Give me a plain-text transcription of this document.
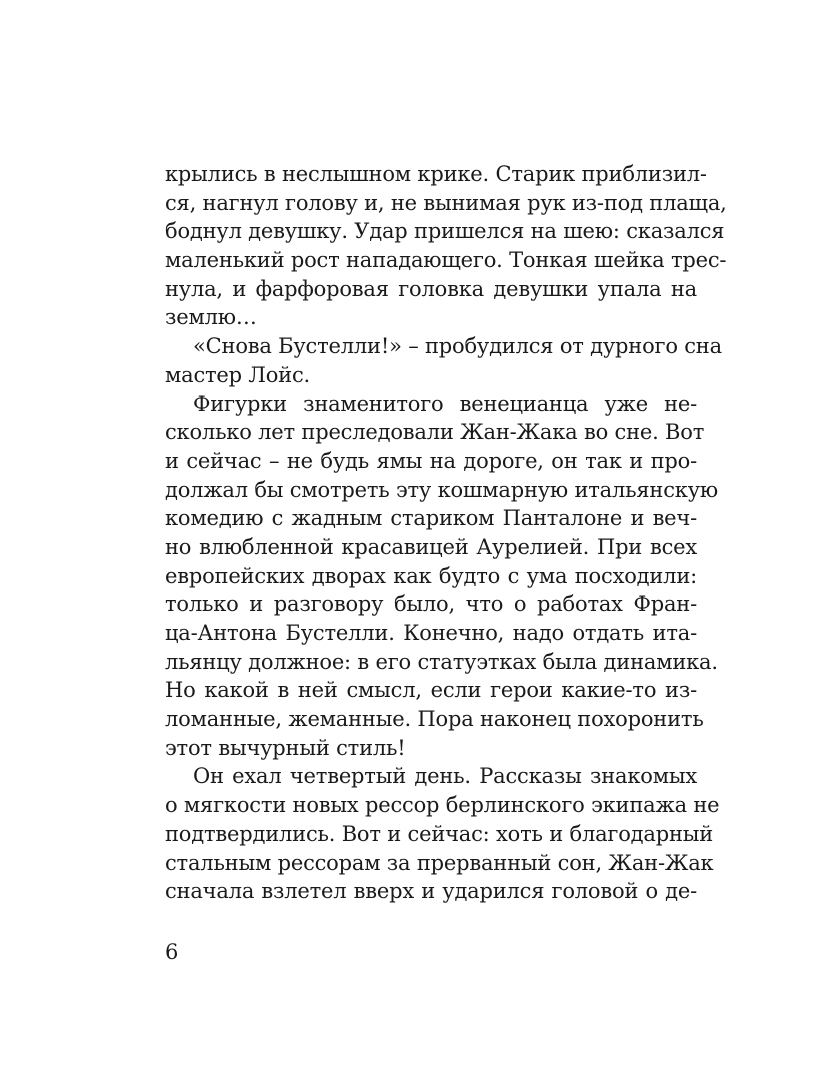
крылись в неслышном крике. Старик приблизил-
ся, нагнул голову и, не вынимая рук из-под плаща,
боднул девушку. Удар пришелся на шею: сказался
маленький рост нападающего. Тонкая шейка трес-
нула, и фарфоровая головка девушки упала на
землю…
«Снова Бустелли!» – пробудился от дурного сна
мастер Лойс.
Фигурки знаменитого венецианца уже не-
сколько лет преследовали Жан-Жака во сне. Вот
и сейчас – не будь ямы на дороге, он так и про-
должал бы смотреть эту кошмарную итальянскую
комедию с жадным стариком Панталоне и веч-
но влюбленной красавицей Аурелией. При всех
европейских дворах как будто с ума посходили:
только и разговору было, что о работах Фран-
ца-Антона Бустелли. Конечно, надо отдать ита-
льянцу должное: в его статуэтках была динамика.
Но какой в ней смысл, если герои какие-то из-
ломанные, жеманные. Пора наконец похоронить
этот вычурный стиль!
Он ехал четвертый день. Рассказы знакомых
о мягкости новых рессор берлинского экипажа не
подтвердились. Вот и сейчас: хоть и благодарный
стальным рессорам за прерванный сон, Жан-Жак
сначала взлетел вверх и ударился головой о де-
6
